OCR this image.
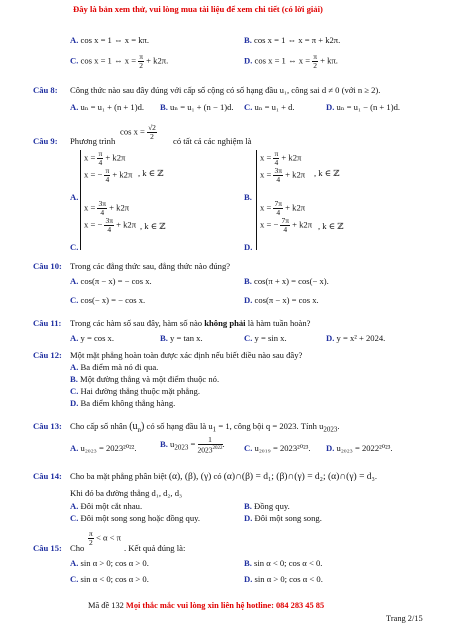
Đây là bản xem thử, vui lòng mua tài liệu để xem chi tiết (có lời giải)
A. cos x = 1 ⇔ x = kπ.	B. cos x = 1 ⇔ x = π + k2π.
C. cos x = 1 ⇔ $x = \frac{\pi}{2} + k2\pi$.	D. cos x = 1 ⇔ $x = \frac{\pi}{2} + k\pi$.
Câu 8: Công thức nào sau đây đúng với cấp số cộng có số hạng đầu u₁, công sai d ≠ 0 (với n ≥ 2).
A. uₙ = u₁ + (n + 1)d. B. uₙ = u₁ + (n − 1)d. C. uₙ = u₁ + d.	D. uₙ = u₁ − (n + 1)d.
Câu 9: Phương trình
$\cos x = \frac{√2}{2}$ có tất cả các nghiệm là
A.
$x = \frac{\pi}{4} + k2\pi$
x = − $\frac{\pi}{4} + k2\pi$ , k ∈ ℤ
B.
$x = \frac{\pi}{4} + k2\pi$
$x = \frac{3\pi}{4} + k2\pi$ , k ∈ ℤ
C.
$x = \frac{3\pi}{4} + k2\pi$
x = − $\frac{3\pi}{4} + k2\pi$ , k ∈ ℤ
D.
$x = \frac{7\pi}{4} + k2\pi$
x = − $\frac{7\pi}{4} + k2\pi$ , k ∈ ℤ
Câu 10: Trong các đẳng thức sau, đẳng thức nào đúng?
A. cos(π − x) = − cos x.	B. cos(π + x) = cos(− x).
C. cos(− x) = − cos x.	D. cos(π − x) = cos x.
Câu 11: Trong các hàm số sau đây, hàm số nào không phải là hàm tuần hoàn?
A. y = cos x.	B. y = tan x.	C. y = sin x.	D. y = x² + 2024.
Câu 12: Một mặt phẳng hoàn toàn được xác định nếu biết điều nào sau đây?
A. Ba điểm mà nó đi qua.
B. Một đường thẳng và một điểm thuộc nó.
C. Hai đường thẳng thuộc mặt phẳng.
D. Ba điểm không thẳng hàng.
Câu 13: Cho cấp số nhân $(u_n)$ có số hạng đầu là $u_1 = 1$, công bội q = 2023. Tính $u_{2023}$.
A. u₂₀₂₃ = 2023²⁰²².	B. $u_{2023} = \frac{1}{2023^{2022}}$ . C. u₂₀₁₉ = 2023²⁰²³. D. u₂₀₂₃ = 2022²⁰²³.
Câu 14: Cho ba mặt phẳng phân biệt (α), (β), (γ) có (α)∩(β) = d₁; (β)∩(γ) = d₂; (α)∩(γ) = d₃.
Khi đó ba đường thẳng d₁, d₂, d₃
A. Đôi một cắt nhau.	B. Đồng quy.
C. Đôi một song song hoặc đồng quy.	D. Đôi một song song.
Câu 15: Cho
$\frac{\pi}{2} < \alpha < \pi$
. Kết quả đúng là:
A. sin α > 0; cos α > 0.	B. sin α < 0; cos α < 0.
C. sin α < 0; cos α > 0.	D. sin α > 0; cos α < 0.
Mã đề 132 Mọi thắc mắc vui lòng xin liên hệ hotline: 084 283 45 85
Trang 2/15
